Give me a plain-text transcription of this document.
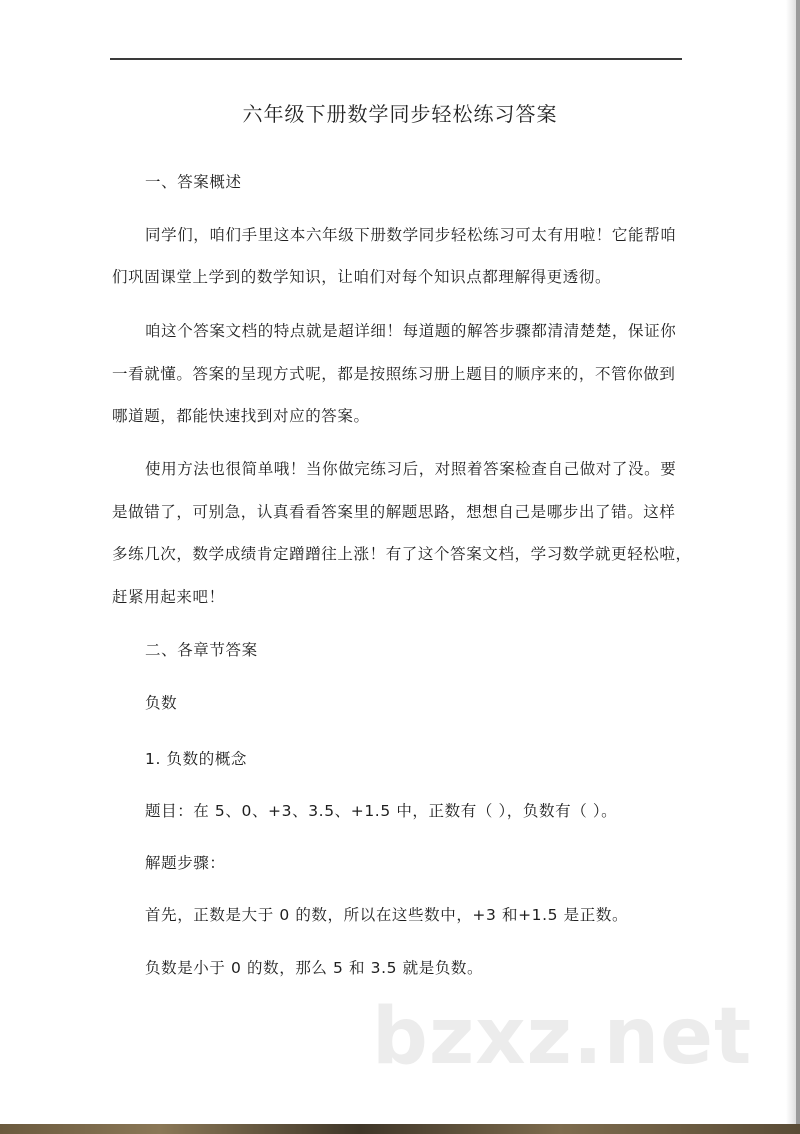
六年级下册数学同步轻松练习答案
一、答案概述
同学们，咱们手里这本六年级下册数学同步轻松练习可太有用啦！它能帮咱
们巩固课堂上学到的数学知识，让咱们对每个知识点都理解得更透彻。
咱这个答案文档的特点就是超详细！每道题的解答步骤都清清楚楚，保证你
一看就懂。答案的呈现方式呢，都是按照练习册上题目的顺序来的，不管你做到
哪道题，都能快速找到对应的答案。
使用方法也很简单哦！当你做完练习后，对照着答案检查自己做对了没。要
是做错了，可别急，认真看看答案里的解题思路，想想自己是哪步出了错。这样
多练几次，数学成绩肯定蹭蹭往上涨！有了这个答案文档，学习数学就更轻松啦，
赶紧用起来吧！
二、各章节答案
负数
1. 负数的概念
题目：在 5、0、+3、3.5、+1.5 中，正数有（ ），负数有（ ）。
解题步骤：
首先，正数是大于 0 的数，所以在这些数中，+3 和+1.5 是正数。
负数是小于 0 的数，那么 5 和 3.5 就是负数。
bzxz.net
